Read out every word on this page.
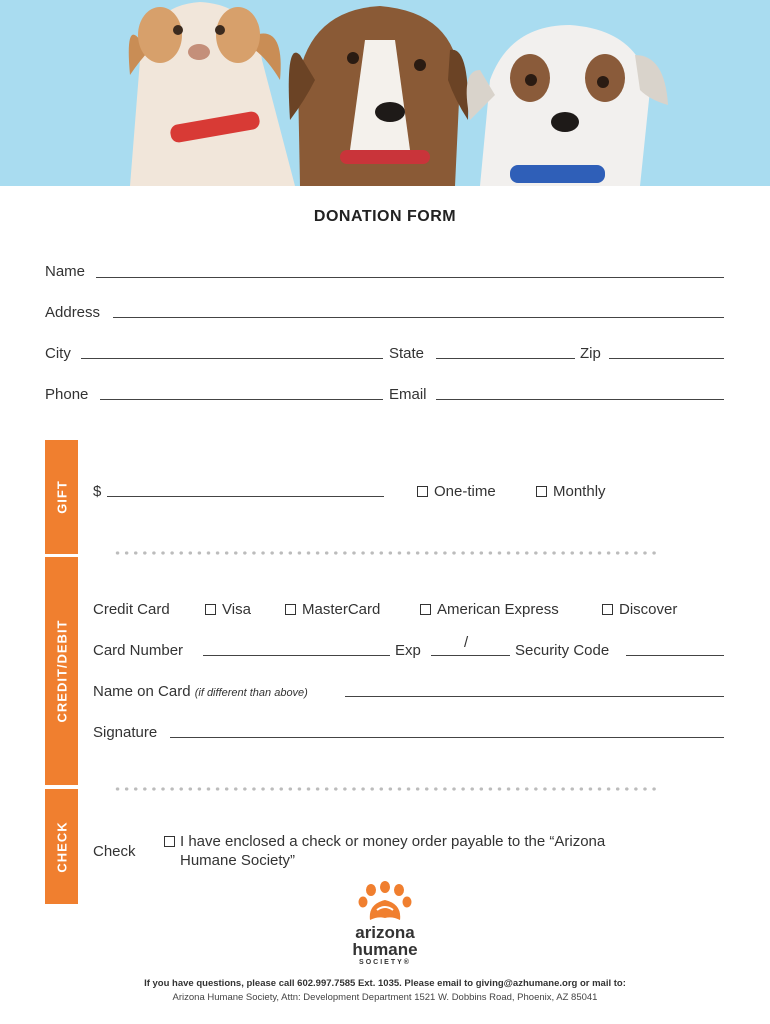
DONATION FORM
Name
Address
City	State	Zip
Phone	Email
GIFT $	One-time	Monthly
CREDIT/DEBIT
Credit Card	Visa	MasterCard	American Express	Discover
Card Number	Exp	/	Security Code
Name on Card (if different than above)
Signature
CHECK Check
I have enclosed a check or money order payable to the “Arizona
Humane Society”
arizona
humane
SOCIETY®
If you have questions, please call 602.997.7585 Ext. 1035. Please email to giving@azhumane.org or mail to:
Arizona Humane Society, Attn: Development Department 1521 W. Dobbins Road, Phoenix, AZ 85041
